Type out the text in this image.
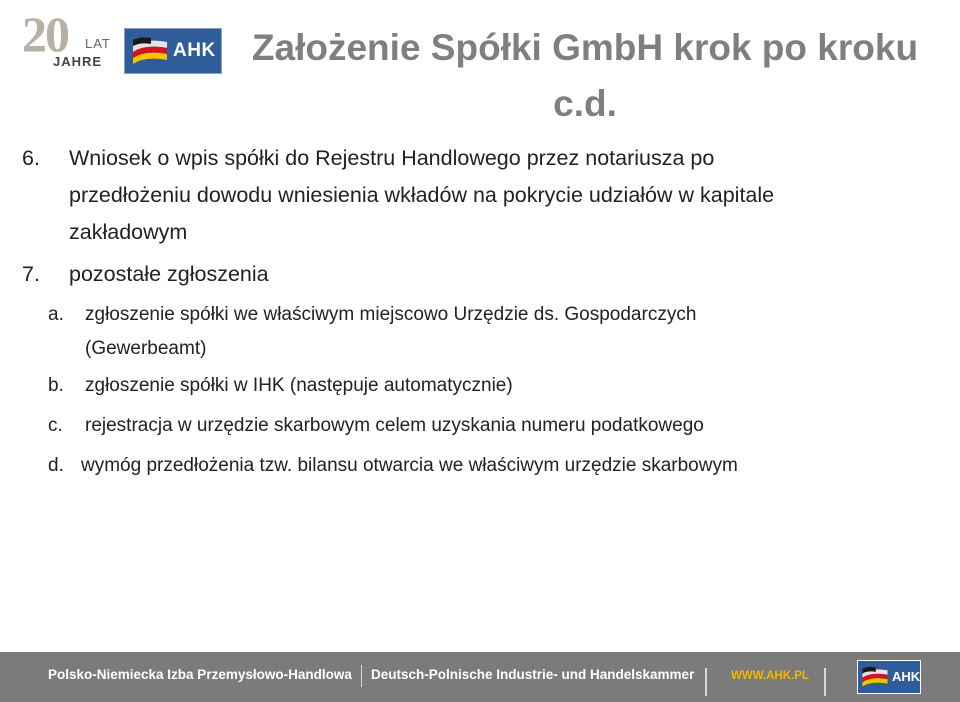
20 LAT
JAHRE
AHK Założenie Spółki GmbH krok po kroku
c.d.
6. Wniosek o wpis spółki do Rejestru Handlowego przez notariusza po
przedłożeniu dowodu wniesienia wkładów na pokrycie udziałów w kapitale
zakładowym
7. pozostałe zgłoszenia
a. zgłoszenie spółki we właściwym miejscowo Urzędzie ds. Gospodarczych
(Gewerbeamt)
b. zgłoszenie spółki w IHK (następuje automatycznie)
c. rejestracja w urzędzie skarbowym celem uzyskania numeru podatkowego
d. wymóg przedłożenia tzw. bilansu otwarcia we właściwym urzędzie skarbowym
Polsko-Niemiecka Izba Przemysłowo-Handlowa Deutsch-Polnische Industrie- und Handelskammer	WWW.AHK.PL	AHK
